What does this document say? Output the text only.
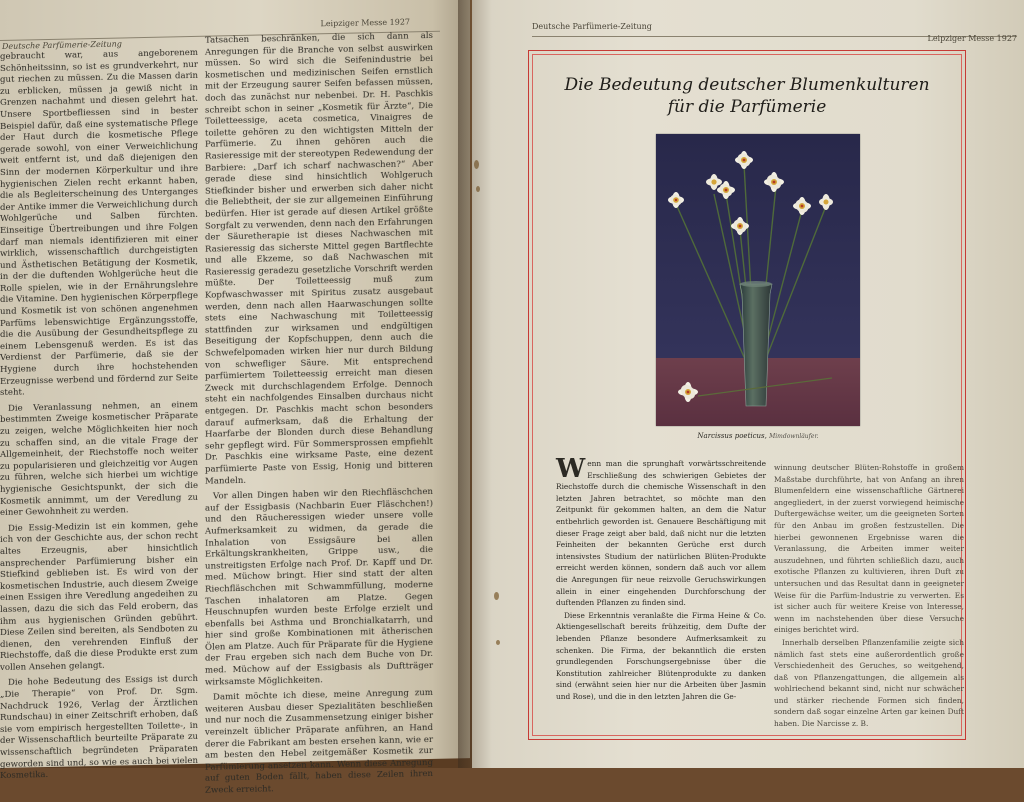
Leipziger Messe 1927
Deutsche Parfümerie-Zeitung

gebraucht war, aus angeborenem Schönheitssinn, so ist es grundverkehrt, nur gut riechen zu müssen. Zu die Massen darin zu erblicken, müssen ja gewiß nicht in Grenzen nachahmt und diesen gelehrt hat. Unsere Sportbefliessen sind in bester Beispiel dafür, daß eine systematische Pflege der Haut durch die kosmetische Pflege gerade sowohl, von einer Verweichlichung weit entfernt ist, und daß diejenigen den Sinn der modernen Körperkultur und ihre hygienischen Zielen recht erkannt haben, die als Begleiterscheinung des Unterganges der Antike immer die Verweichlichung durch Wohlgerüche und Salben fürchten. Einseitige Übertreibungen und ihre Folgen darf man niemals identifizieren mit einer wirklich, wissenschaftlich durchgeistigten und Ästhetischen Betätigung der Kosmetik, in der die duftenden Wohlgerüche heut die Rolle spielen, wie in der Ernährungslehre die Vitamine. Den hygienischen Körperpflege und Kosmetik ist von schönen angenehmen Parfüms lebenswichtige Ergänzungsstoffe, die die Ausübung der Gesundheitspflege zu einem Lebensgenuß werden. Es ist das Verdienst der Parfümerie, daß sie der Hygiene durch ihre hochstehenden Erzeugnisse werbend und fördernd zur Seite steht.

Die Veranlassung nehmen, an einem bestimmten Zweige kosmetischer Präparate zu zeigen, welche Möglichkeiten hier noch zu schaffen sind, an die vitale Frage der Allgemeinheit, der Riechstoffe noch weiter zu popularisieren und gleichzeitig vor Augen zu führen, welche sich hierbei um wichtige hygienische Gesichtspunkt, der sich die Kosmetik annimmt, um der Veredlung zu einer Gewohnheit zu werden.

Die Essig-Medizin ist ein kommen, gehe ich von der Geschichte aus, der schon recht altes Erzeugnis, aber hinsichtlich ansprechender Parfümierung bisher ein Stiefkind geblieben ist. Es wird von der kosmetischen Industrie, auch diesem Zweige einen Essigen ihre Veredlung angedeihen zu lassen, dazu die sich das Feld erobern, das ihm aus hygienischen Gründen gebührt. Diese Zeilen sind bereiten, als Sendboten zu dienen, den verehrenden Einfluß der Riechstoffe, daß die diese Produkte erst zum vollen Ansehen gelangt.

Die hohe Bedeutung des Essigs ist durch „Die Therapie“ von Prof. Dr. Sgm. Nachdruck 1926, Verlag der Ärztlichen Rundschau) in einer Zeitschrift erhoben, daß sie vom empirisch hergestellten Toilette-, in der Wissenschaftlich beurteilte Präparate zu wissenschaftlich begründeten Präparaten geworden sind und, so wie es auch bei vielen Kosmetika.

Tatsachen beschränken, die sich dann als Anregungen für die Branche von selbst auswirken müssen. So wird sich die Seifenindustrie bei kosmetischen und medizinischen Seifen ernstlich mit der Erzeugung saurer Seifen befassen müssen, doch das zunächst nur nebenbei. Dr. H. Paschkis schreibt schon in seiner „Kosmetik für Ärzte“, Die Toiletteessige, aceta cosmetica, Vinaigres de toilette gehören zu den wichtigsten Mitteln der Parfümerie. Zu ihnen gehören auch die Rasieressige mit der stereotypen Redewendung der Barbiere: „Darf ich scharf nachwaschen?“ Aber gerade diese sind hinsichtlich Wohlgeruch Stiefkinder bisher und erwerben sich daher nicht die Beliebtheit, der sie zur allgemeinen Einführung bedürfen. Hier ist gerade auf diesen Artikel größte Sorgfalt zu verwenden, denn nach den Erfahrungen der Säuretherapie ist dieses Nachwaschen mit Rasieressig das sicherste Mittel gegen Bartflechte und alle Ekzeme, so daß Nachwaschen mit Rasieressig geradezu gesetzliche Vorschrift werden müßte. Der Toiletteessig muß zum Kopfwaschwasser mit Spiritus zusatz ausgebaut werden, denn nach allen Haarwaschungen sollte stets eine Nachwaschung mit Toiletteessig stattfinden zur wirksamen und endgültigen Beseitigung der Kopfschuppen, denn auch die Schwefelpomaden wirken hier nur durch Bildung von schwefliger Säure. Mit entsprechend parfümiertem Toiletteessig erreicht man diesen Zweck mit durchschlagendem Erfolge. Dennoch steht ein nachfolgendes Einsalben durchaus nicht entgegen. Dr. Paschkis macht schon besonders darauf aufmerksam, daß die Erhaltung der Haarfarbe der Blonden durch diese Behandlung sehr gepflegt wird. Für Sommersprossen empfiehlt Dr. Paschkis eine wirksame Paste, eine dezent parfümierte Paste von Essig, Honig und bitteren Mandeln.

Vor allen Dingen haben wir den Riechfläschchen auf der Essigbasis (Nachbarin Euer Fläschchen!) und den Räucheressigen wieder unsere volle Aufmerksamkeit zu widmen, da gerade die Inhalation von Essigsäure bei allen Erkältungskrankheiten, Grippe usw., die unstreitigsten Erfolge nach Prof. Dr. Kapff und Dr. med. Müchow bringt. Hier sind statt der alten Riechfläschchen mit Schwammfüllung, moderne Taschen inhalatoren am Platze. Gegen Heuschnupfen wurden beste Erfolge erzielt und ebenfalls bei Asthma und Bronchialkatarrh, und hier sind große Kombinationen mit ätherischen Ölen am Platze. Auch für Präparate für die Hygiene der Frau ergeben sich nach dem Buche von Dr. med. Müchow auf der Essigbasis als Duftträger wirksamste Möglichkeiten.

Damit möchte ich diese, meine Anregung zum weiteren Ausbau dieser Spezialitäten beschließen und nur noch die Zusammensetzung einiger bisher vereinzelt üblicher Präparate anführen, an Hand derer die Fabrikant am besten ersehen kann, wie er am besten den Hebel zeitgemäßer Kosmetik zur Parfümierung ansetzen kann. Wenn diese Anregung auf guten Boden fällt, haben diese Zeilen ihren Zweck erreicht.

Deutsche Parfümerie-Zeitung
Leipziger Messe 1927
Die Bedeutung deutscher Blumenkulturen
für die Parfümerie
Narcissus poeticus, Mimdownläufer.

Wenn man die sprunghaft vorwärtsschreitende Erschließung des schwierigen Gebietes der Riechstoffe durch die chemische Wissenschaft in den letzten Jahren betrachtet, so möchte man den Zeitpunkt für gekommen halten, an dem die Natur entbehrlich geworden ist. Genauere Beschäftigung mit dieser Frage zeigt aber bald, daß nicht nur die letzten Feinheiten der bekannten Gerüche erst durch intensivstes Studium der natürlichen Blüten-Produkte erreicht werden können, sondern daß auch vor allem die Anregungen für neue reizvolle Geruchswirkungen allein in einer eingehenden Durchforschung der duftenden Pflanzen zu finden sind.

Diese Erkenntnis veranlaßte die Firma Heine & Co. Aktiengesellschaft bereits frühzeitig, dem Dufte der lebenden Pflanze besondere Aufmerksamkeit zu schenken. Die Firma, der bekanntlich die ersten grundlegenden Forschungsergebnisse über die Konstitution zahlreicher Blütenprodukte zu danken sind (erwähnt seien hier nur die Arbeiten über Jasmin und Rose), und die in den letzten Jahren die Ge-

winnung deutscher Blüten-Rohstoffe in großem Maßstabe durchführte, hat von Anfang an ihren Blumenfeldern eine wissenschaftliche Gärtnerei angegliedert, in der zuerst vorwiegend heimische Duftergewächse weiter, um die geeigneten Sorten für den Anbau im großen festzustellen. Die hierbei gewonnenen Ergebnisse waren die Veranlassung, die Arbeiten immer weiter auszudehnen, und führten schließlich dazu, auch exotische Pflanzen zu kultivieren, ihren Duft zu untersuchen und das Resultat dann in geeigneter Weise für die Parfüm-Industrie zu verwerten. Es ist sicher auch für weitere Kreise von Interesse, wenn im nachstehenden über diese Versuche einiges berichtet wird.

Innerhalb derselben Pflanzenfamilie zeigte sich nämlich fast stets eine außerordentlich große Verschiedenheit des Geruches, so weitgehend, daß von Pflanzengattungen, die allgemein als wohlriechend bekannt sind, nicht nur schwächer und stärker riechende Formen sich finden, sondern daß sogar einzelne Arten gar keinen Duft haben. Die Narcisse z. B.
